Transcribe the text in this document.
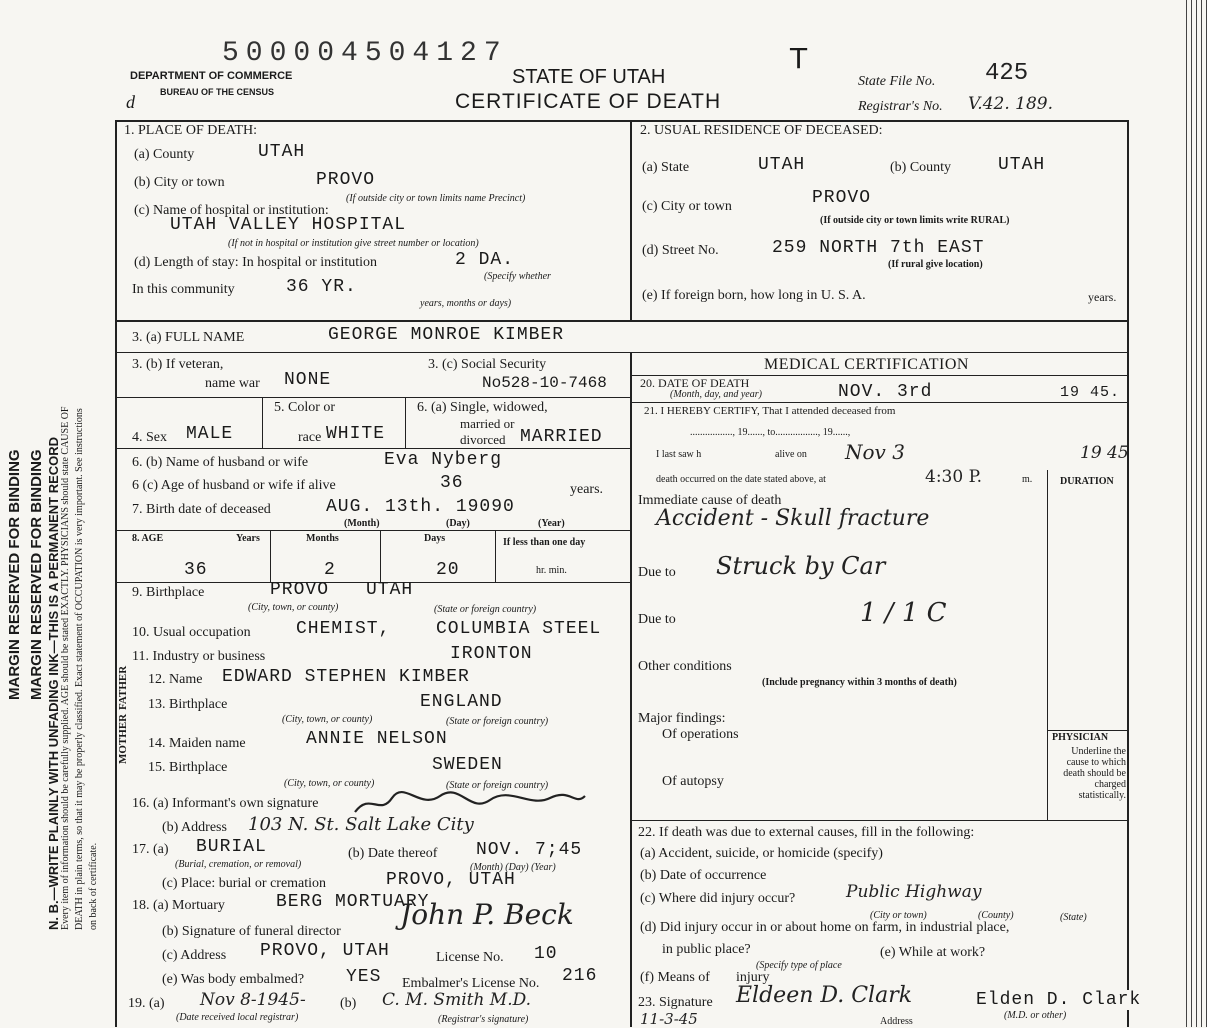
MARGIN RESERVED FOR BINDING MARGIN RESERVED FOR BINDING N. B.—WRITE PLAINLY WITH UNFADING INK—THIS IS A PERMANENT RECORD Every item of information should be carefully supplied. AGE should be stated EXACTLY. PHYSICIANS should state CAUSE OF DEATH in plain terms, so that it may be properly classified. Exact statement of OCCUPATION is very important. See instructions on back of certificate.
500004504127	T
DEPARTMENT OF COMMERCE
BUREAU OF THE CENSUS
d
STATE OF UTAH
CERTIFICATE OF DEATH
State File No. 425
Registrar's No. V.42. 189.
1. PLACE OF DEATH:
(a) County	UTAH
(b) City or town	PROVO
(If outside city or town limits name Precinct)
(c) Name of hospital or institution:
UTAH VALLEY HOSPITAL
(If not in hospital or institution give street number or location)
(d) Length of stay: In hospital or institution	2 DA.
(Specify whether
In this community	36 YR.
years, months or days)
2. USUAL RESIDENCE OF DECEASED:
(a) State	UTAH	(b) County	UTAH
(c) City or town	PROVO
(If outside city or town limits write RURAL)
(d) Street No.	259 NORTH 7th EAST
(If rural give location)
(e) If foreign born, how long in U. S. A.	years.
3. (a) FULL NAME	GEORGE MONROE KIMBER
3. (b) If veteran,
name war NONE
3. (c) Social Security
No528-10-7468
4. Sex MALE
5. Color or
race WHITE
6. (a) Single, widowed,
married or
divorced MARRIED
6. (b) Name of husband or wife	Eva Nyberg
6 (c) Age of husband or wife if alive	36	years.
7. Birth date of deceased	AUG. 13th. 19090
(Month)	(Day)	(Year)
8. AGE	Years	Months	Days	If less than one day
36	2	20	hr. min.
9. Birthplace	PROVO UTAH
(City, town, or county)	(State or foreign country)
10. Usual occupation	CHEMIST,	COLUMBIA STEEL
11. Industry or business	IRONTON
FATHER
MOTHER
12. Name EDWARD STEPHEN KIMBER
13. Birthplace	ENGLAND
(City, town, or county)	(State or foreign country)
14. Maiden name	ANNIE NELSON
15. Birthplace	SWEDEN
(City, town, or county)	(State or foreign country)
16. (a) Informant's own signature
(b) Address 103 N. St. Salt Lake City
17. (a) BURIAL
(Burial, cremation, or removal)
(b) Date thereof NOV. 7;45
(Month) (Day) (Year)
(c) Place: burial or cremation	PROVO, UTAH
18. (a) Mortuary	BERG MORTUARY
(b) Signature of funeral director
John P. Beck
(c) Address PROVO, UTAH	License No. 10
(e) Was body embalmed? YES Embalmer's License No. 216
19. (a) Nov 8-1945-
(Date received local registrar)
(b) C. M. Smith M.D.
(Registrar's signature)
MEDICAL CERTIFICATION
20. DATE OF DEATH
(Month, day, and year)	NOV. 3rd	19 45.
21. I HEREBY CERTIFY, That I attended deceased from
................., 19......, to................., 19......,
I last saw h	alive on Nov 3	19 45
death occurred on the date stated above, at	4:30 P.	m.	DURATION
Immediate cause of death
Accident - Skull fracture
Due to Struck by Car
Due to	1 / 1 C
Other conditions
(Include pregnancy within 3 months of death)
Major findings:
Of operations
Of autopsy
PHYSICIAN
Underline the cause to which death should be charged statistically.
22. If death was due to external causes, fill in the following:
(a) Accident, suicide, or homicide (specify)
(b) Date of occurrence
(c) Where did injury occur?	Public Highway
(City or town)	(County)	(State)
(d) Did injury occur in or about home on farm, in industrial place,
in public place?	(e) While at work?
(f) Means of
(Specify type of place
injury
23. Signature Eldeen D. Clark	Elden D. Clark
(M.D. or other)
11-3-45	Address
